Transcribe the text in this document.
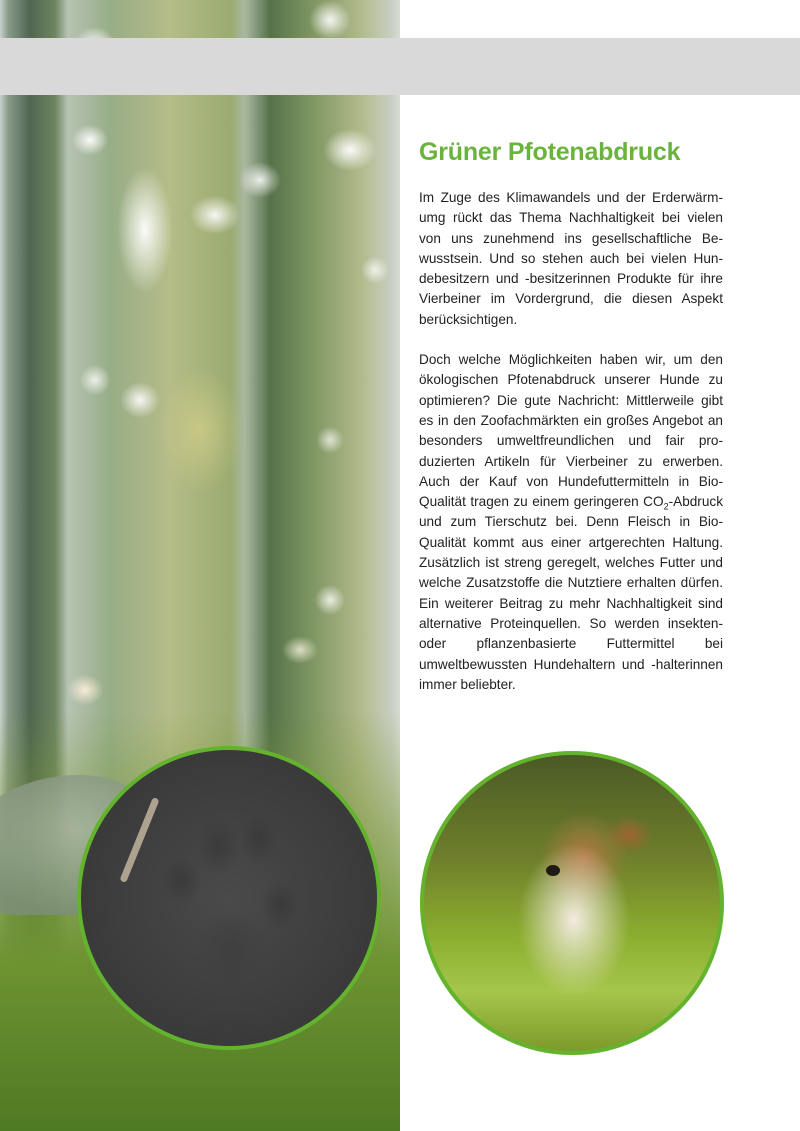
Grüner Pfotenabdruck

Im Zuge des Klimawandels und der Erderwärmumg rückt das Thema Nachhaltigkeit bei vielen von uns zunehmend ins gesellschaftliche Bewusstsein. Und so stehen auch bei vielen Hundebesitzern und -besitzerinnen Produkte für ihre Vierbeiner im Vordergrund, die diesen Aspekt berücksichtigen.

Doch welche Möglichkeiten haben wir, um den ökologischen Pfotenabdruck unserer Hunde zu optimieren? Die gute Nachricht: Mittlerweile gibt es in den Zoofachmärkten ein großes Angebot an besonders umweltfreundlichen und fair produzierten Artikeln für Vierbeiner zu erwerben. Auch der Kauf von Hundefuttermitteln in Bio-Qualität tragen zu einem geringeren $CO_2$-Abdruck und zum Tierschutz bei. Denn Fleisch in Bio-Qualität kommt aus einer artgerechten Haltung. Zusätzlich ist streng geregelt, welches Futter und welche Zusatzstoffe die Nutztiere erhalten dürfen. Ein weiterer Beitrag zu mehr Nachhaltigkeit sind alternative Proteinquellen. So werden insekten- oder pflanzenbasierte Futtermittel bei umweltbewussten Hundehaltern und -halterinnen immer beliebter.
